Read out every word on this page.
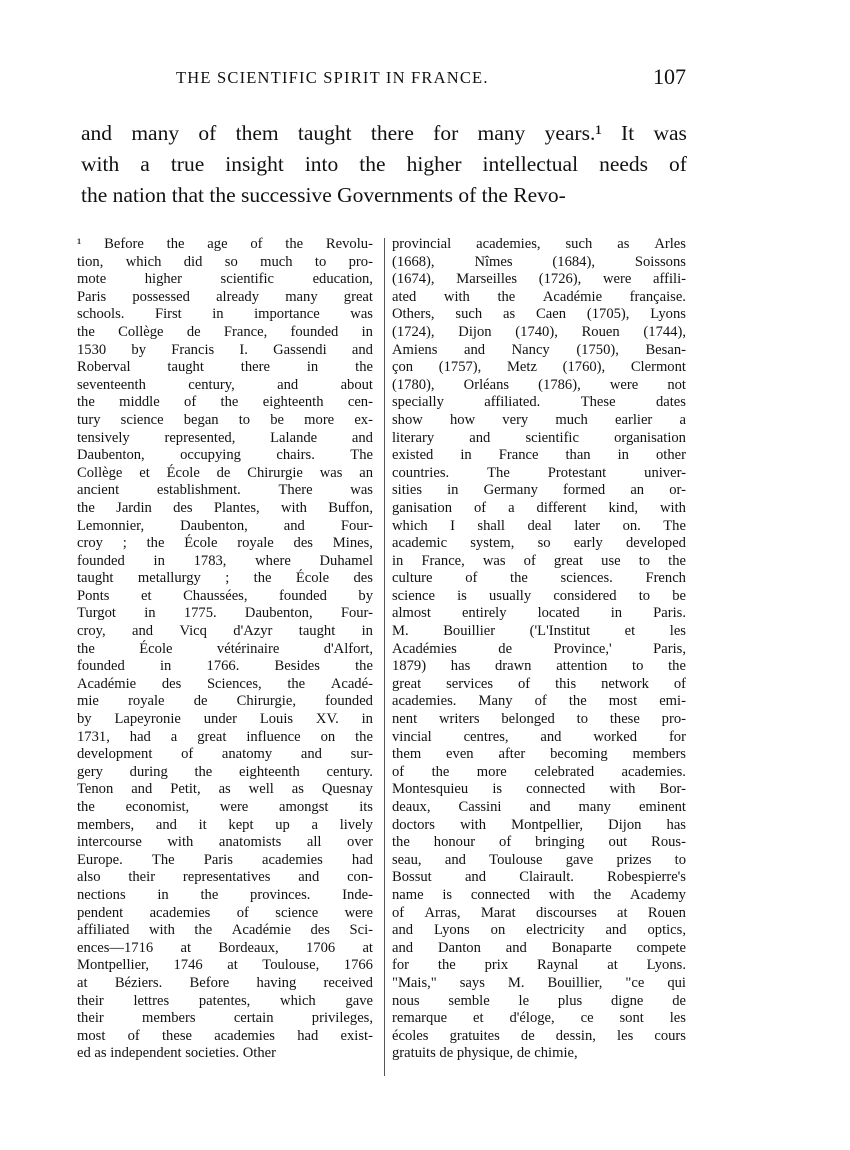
THE SCIENTIFIC SPIRIT IN FRANCE.	107
and many of them taught there for many years.¹ It was
with a true insight into the higher intellectual needs of
the nation that the successive Governments of the Revo-
¹ Before the age of the Revolu-
tion, which did so much to pro-
mote	higher	scientific	education,
Paris possessed already many great
schools. First in importance was
the Collège de France, founded in
1530 by Francis I. Gassendi and
Roberval	taught	there	in	the
seventeenth	century,	and	about
the middle of the eighteenth cen-
tury science began to be more ex-
tensively represented, Lalande and
Daubenton, occupying chairs. The
Collège et École de Chirurgie was an
ancient	establishment.	There	was
the Jardin des Plantes, with Buffon,
Lemonnier, Daubenton, and Four-
croy ; the École royale des Mines,
founded in 1783, where Duhamel
taught metallurgy ; the École des
Ponts et Chaussées, founded by
Turgot in 1775. Daubenton, Four-
croy, and Vicq d'Azyr taught in
the	École	vétérinaire	d'Alfort,
founded in 1766. Besides the
Académie des Sciences, the Acadé-
mie royale de Chirurgie, founded
by Lapeyronie under Louis XV. in
1731, had a great influence on the
development of anatomy and sur-
gery during the eighteenth century.
Tenon and Petit, as well as Quesnay
the economist, were amongst its
members, and it kept up a lively
intercourse with anatomists all over
Europe. The Paris academies had
also their representatives and con-
nections in the provinces. Inde-
pendent academies of science were
affiliated with the Académie des Sci-
ences—1716 at Bordeaux, 1706 at
Montpellier, 1746 at Toulouse, 1766
at Béziers. Before having received
their lettres patentes, which gave
their	members	certain	privileges,
most of these academies had exist-
ed as independent societies. Other
provincial academies, such as Arles
(1668),	Nîmes	(1684),	Soissons
(1674), Marseilles (1726), were affili-
ated with the Académie française.
Others, such as Caen (1705), Lyons
(1724), Dijon (1740), Rouen (1744),
Amiens and Nancy (1750), Besan-
çon (1757), Metz (1760), Clermont
(1780), Orléans (1786), were not
specially	affiliated.	These	dates
show how very much earlier a
literary and scientific organisation
existed in France than in other
countries.	The	Protestant	univer-
sities in Germany formed an or-
ganisation of a different kind, with
which I shall deal later on. The
academic system, so early developed
in France, was of great use to the
culture of the sciences. French
science is usually considered to be
almost entirely located in Paris.
M. Bouillier ('L'Institut et les
Académies	de	Province,'	Paris,
1879) has drawn attention to the
great services of this network of
academies. Many of the most emi-
nent writers belonged to these pro-
vincial centres, and worked for
them even after becoming members
of the more celebrated academies.
Montesquieu is connected with Bor-
deaux, Cassini and many eminent
doctors with Montpellier, Dijon has
the honour of bringing out Rous-
seau, and Toulouse gave prizes to
Bossut and Clairault. Robespierre's
name is connected with the Academy
of Arras, Marat discourses at Rouen
and Lyons on electricity and optics,
and Danton and Bonaparte compete
for the prix Raynal at Lyons.
"Mais," says M. Bouillier, "ce qui
nous semble le plus digne de
remarque et d'éloge, ce sont les
écoles gratuites de dessin, les cours
gratuits de physique, de chimie,
